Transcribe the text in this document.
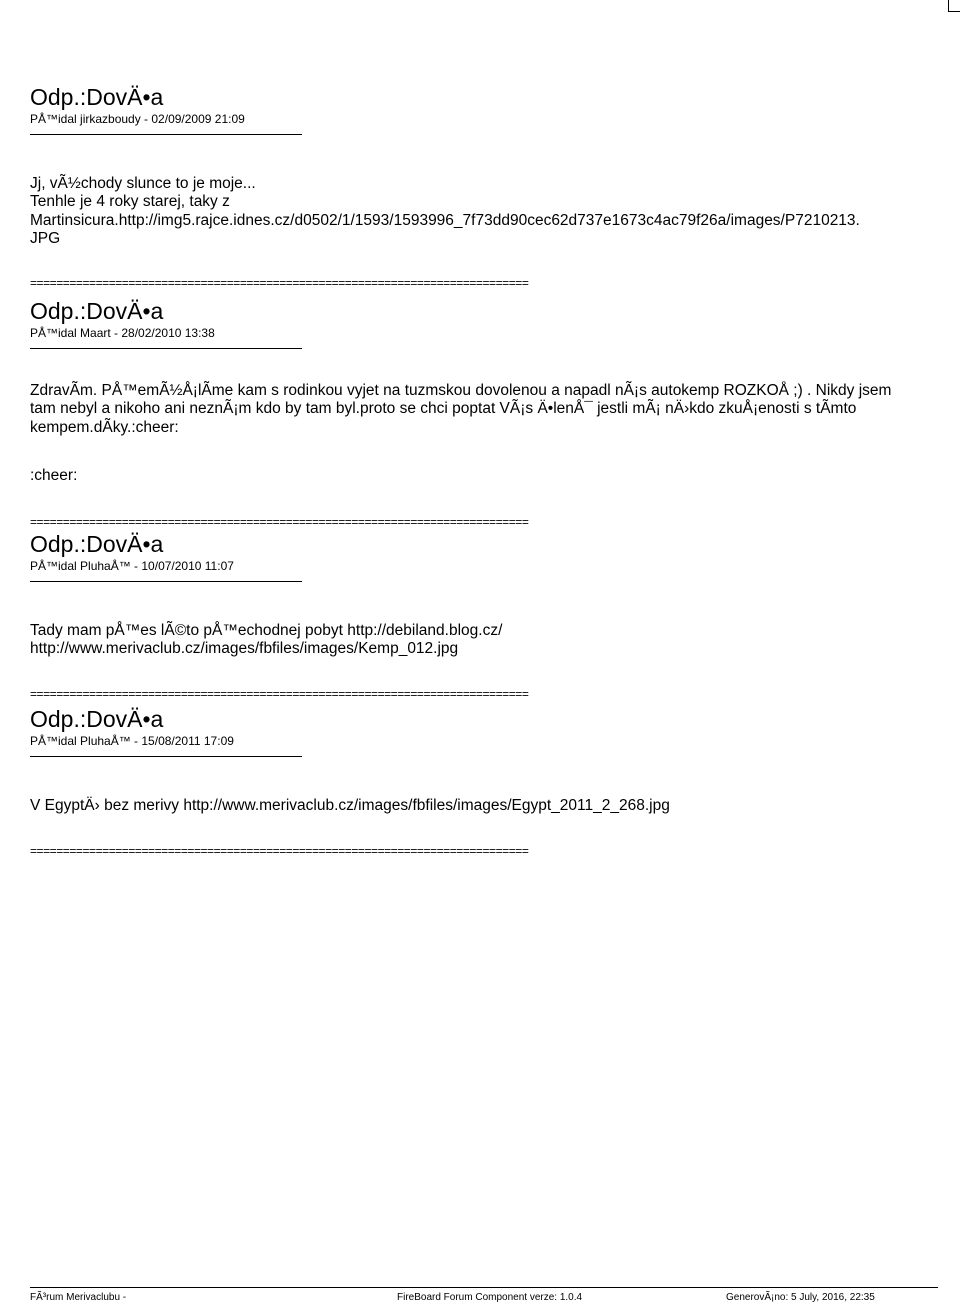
Odp.:DovÄ•a
PÅ™idal jirkazboudy - 02/09/2009 21:09

Jj, vÃ½chody slunce to je moje...
Tenhle je 4 roky starej, taky z
Martinsicura.http://img5.rajce.idnes.cz/d0502/1/1593/1593996_7f73dd90cec62d737e1673c4ac79f26a/images/P7210213.
JPG

============================================================================
Odp.:DovÄ•a
PÅ™idal Maart - 28/02/2010 13:38

ZdravÃm. PÅ™emÃ½Å¡lÃme kam s rodinkou vyjet na tuzmskou dovolenou a napadl nÃ¡s autokemp ROZKOÅ ;) . Nikdy jsem
tam nebyl a nikoho ani neznÃ¡m kdo by tam byl.proto se chci poptat VÃ¡s Ä•lenÅ¯ jestli mÃ¡ nÄ›kdo zkuÅ¡enosti s tÃmto
kempem.dÃky.:cheer:

:cheer:

============================================================================
Odp.:DovÄ•a
PÅ™idal PluhaÅ™ - 10/07/2010 11:07

Tady mam pÅ™es lÃ©to pÅ™echodnej pobyt http://debiland.blog.cz/
http://www.merivaclub.cz/images/fbfiles/images/Kemp_012.jpg

============================================================================
Odp.:DovÄ•a
PÅ™idal PluhaÅ™ - 15/08/2011 17:09

V EgyptÄ› bez merivy http://www.merivaclub.cz/images/fbfiles/images/Egypt_2011_2_268.jpg

============================================================================
FÃ³rum Merivaclubu -	FireBoard Forum Component verze: 1.0.4	GenerovÃ¡no: 5 July, 2016, 22:35
